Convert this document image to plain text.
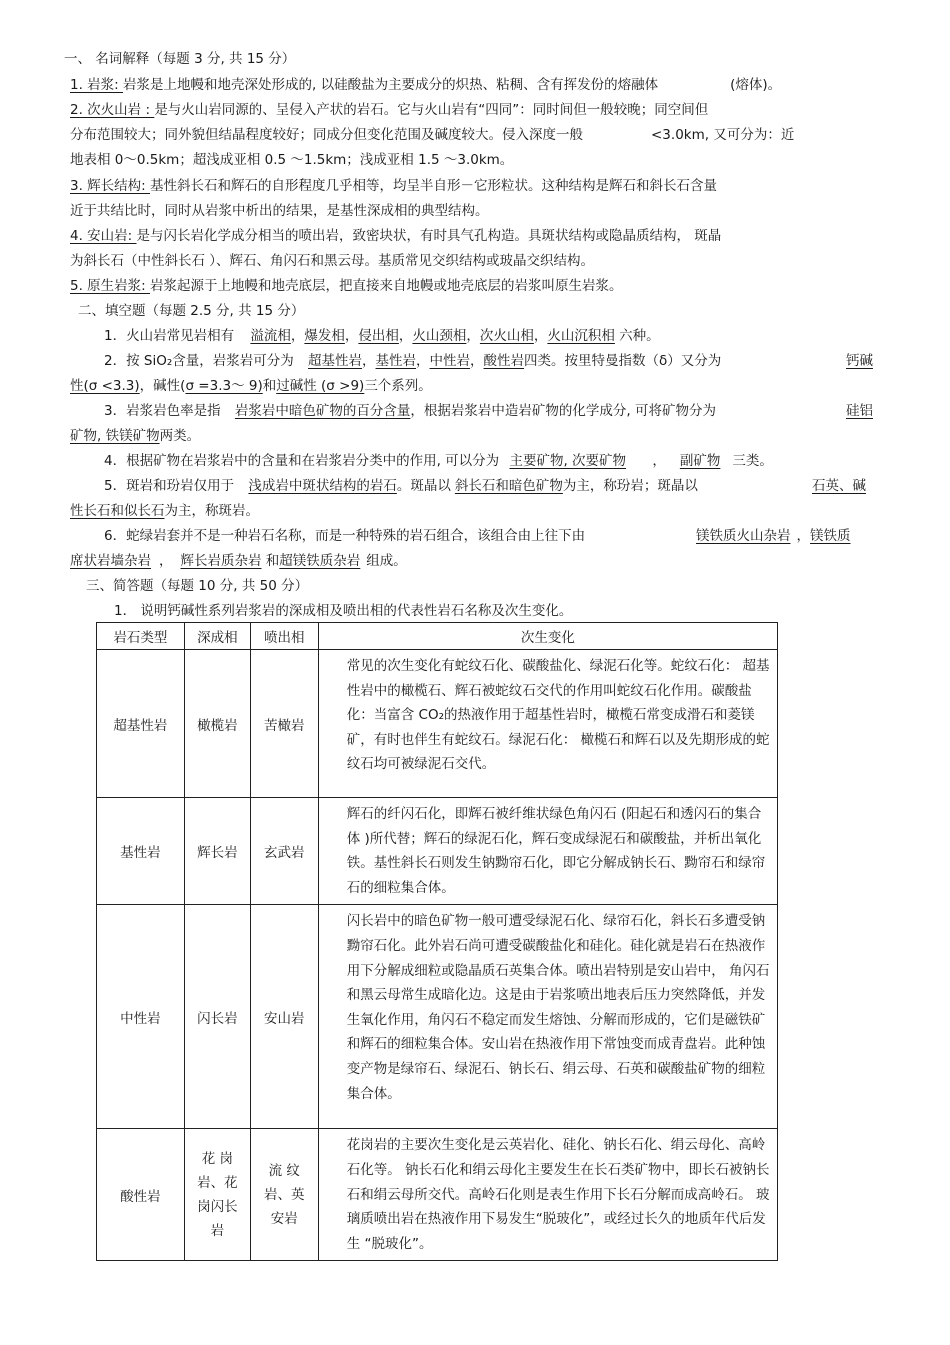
一、 名词解释（每题 3 分, 共 15 分）
1. 岩浆: 岩浆是上地幔和地壳深处形成的, 以硅酸盐为主要成分的炽热、粘稠、含有挥发份的熔融体	(熔体)。
2. 次火山岩 : 是与火山岩同源的、呈侵入产状的岩石。它与火山岩有“四同”：同时间但一般较晚；同空间但
分布范围较大；同外貌但结晶程度较好；同成分但变化范围及碱度较大。侵入深度一般	<3.0km, 又可分为：近
地表相 0～0.5km；超浅成亚相 0.5 ～1.5km；浅成亚相 1.5 ～3.0km。
3. 辉长结构: 基性斜长石和辉石的自形程度几乎相等，均呈半自形－它形粒状。这种结构是辉石和斜长石含量
近于共结比时，同时从岩浆中析出的结果，是基性深成相的典型结构。
4. 安山岩: 是与闪长岩化学成分相当的喷出岩，致密块状，有时具气孔构造。具斑状结构或隐晶质结构， 斑晶
为斜长石（中性斜长石 ）、辉石、角闪石和黑云母。基质常见交织结构或玻晶交织结构。
5. 原生岩浆: 岩浆起源于上地幔和地壳底层，把直接来自地幔或地壳底层的岩浆叫原生岩浆。
二、填空题（每题 2.5 分, 共 15 分）
1．火山岩常见岩相有 溢流相，爆发相，侵出相，火山颈相，次火山相，火山沉积相 六种。
2．按 SiO₂含量，岩浆岩可分为 超基性岩，基性岩，中性岩，酸性岩四类。按里特曼指数（δ）又分为	钙碱
性(σ <3.3)，碱性(σ =3.3～ 9)和过碱性 (σ >9)三个系列。
3．岩浆岩色率是指 岩浆岩中暗色矿物的百分含量，根据岩浆岩中造岩矿物的化学成分, 可将矿物分为	硅铝
矿物, 铁镁矿物两类。
4．根据矿物在岩浆岩中的含量和在岩浆岩分类中的作用, 可以分为 主要矿物, 次要矿物 ， 副矿物 三类。
5．斑岩和玢岩仅用于 浅成岩中斑状结构的岩石。斑晶以 斜长石和暗色矿物为主，称玢岩；斑晶以	石英、碱
性长石和似长石为主，称斑岩。
6．蛇绿岩套并不是一种岩石名称，而是一种特殊的岩石组合，该组合由上往下由	镁铁质火山杂岩 ，镁铁质
席状岩墙杂岩 ， 辉长岩质杂岩 和超镁铁质杂岩 组成。
三、简答题（每题 10 分, 共 50 分）
1． 说明钙碱性系列岩浆岩的深成相及喷出相的代表性岩石名称及次生变化。
岩石类型	深成相	喷出相	次生变化
超基性岩	橄榄岩	苦橄岩	常见的次生变化有蛇纹石化、碳酸盐化、绿泥石化等。蛇纹石化： 超基性岩中的橄榄石、辉石被蛇纹石交代的作用叫蛇纹石化作用。碳酸盐化：当富含 CO₂的热液作用于超基性岩时，橄榄石常变成滑石和菱镁矿，有时也伴生有蛇纹石。绿泥石化： 橄榄石和辉石以及先期形成的蛇纹石均可被绿泥石交代。
基性岩	辉长岩	玄武岩	辉石的纤闪石化，即辉石被纤维状绿色角闪石 (阳起石和透闪石的集合体 )所代替；辉石的绿泥石化，辉石变成绿泥石和碳酸盐，并析出氧化铁。基性斜长石则发生钠黝帘石化，即它分解成钠长石、黝帘石和绿帘石的细粒集合体。
中性岩	闪长岩	安山岩	闪长岩中的暗色矿物一般可遭受绿泥石化、绿帘石化，斜长石多遭受钠黝帘石化。此外岩石尚可遭受碳酸盐化和硅化。硅化就是岩石在热液作用下分解成细粒或隐晶质石英集合体。喷出岩特别是安山岩中， 角闪石和黑云母常生成暗化边。这是由于岩浆喷出地表后压力突然降低，并发生氧化作用，角闪石不稳定而发生熔蚀、分解而形成的，它们是磁铁矿和辉石的细粒集合体。安山岩在热液作用下常蚀变而成青盘岩。此种蚀变产物是绿帘石、绿泥石、钠长石、绢云母、石英和碳酸盐矿物的细粒集合体。
酸性岩	花 岗岩、花岗闪长岩	流 纹岩、英安岩	花岗岩的主要次生变化是云英岩化、硅化、钠长石化、绢云母化、高岭石化等。 钠长石化和绢云母化主要发生在长石类矿物中，即长石被钠长石和绢云母所交代。高岭石化则是表生作用下长石分解而成高岭石。 玻璃质喷出岩在热液作用下易发生“脱玻化”，或经过长久的地质年代后发生 “脱玻化”。
